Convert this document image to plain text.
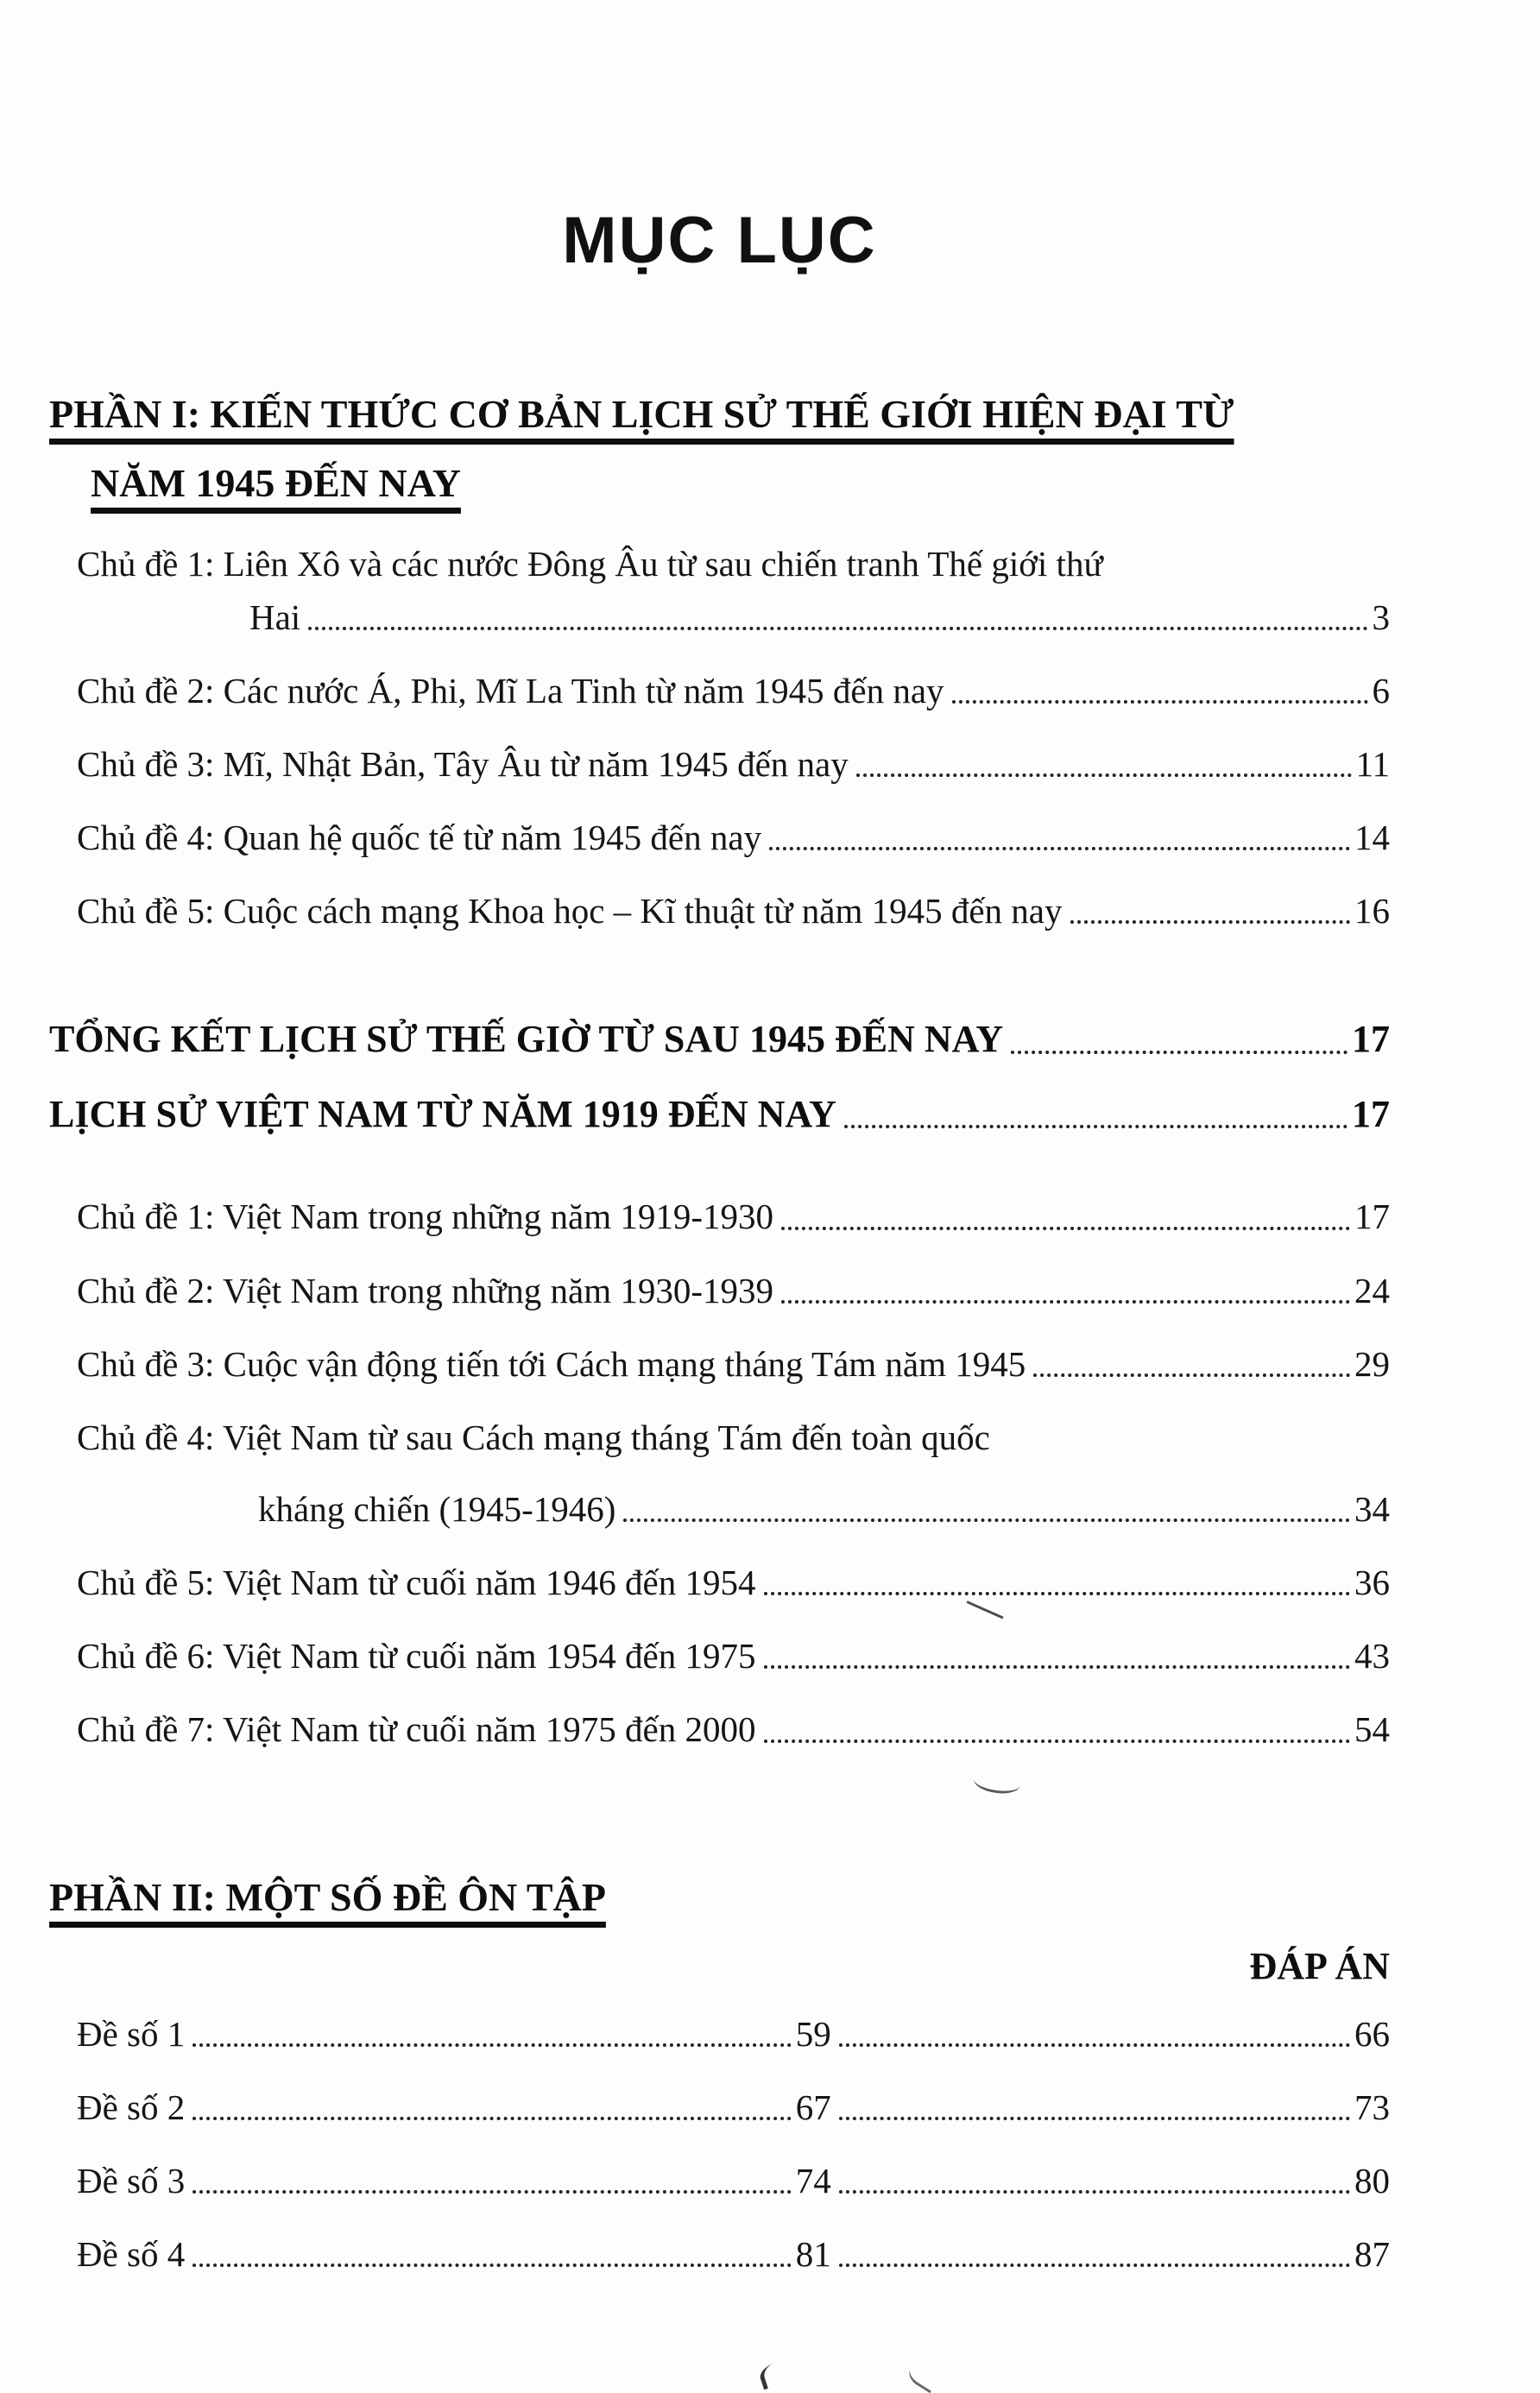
MỤC LỤC
PHẦN I: KIẾN THỨC CƠ BẢN LỊCH SỬ THẾ GIỚI HIỆN ĐẠI TỪ
NĂM 1945 ĐẾN NAY
Chủ đề 1: Liên Xô và các nước Đông Âu từ sau chiến tranh Thế giới thứ
Hai	3
Chủ đề 2: Các nước Á, Phi, Mĩ La Tinh từ năm 1945 đến nay	6
Chủ đề 3: Mĩ, Nhật Bản, Tây Âu từ năm 1945 đến nay	11
Chủ đề 4: Quan hệ quốc tế từ năm 1945 đến nay	14
Chủ đề 5: Cuộc cách mạng Khoa học – Kĩ thuật từ năm 1945 đến nay	16
TỔNG KẾT LỊCH SỬ THẾ GIỜ TỪ SAU 1945 ĐẾN NAY	17
LỊCH SỬ VIỆT NAM TỪ NĂM 1919 ĐẾN NAY	17
Chủ đề 1: Việt Nam trong những năm 1919-1930	17
Chủ đề 2: Việt Nam trong những năm 1930-1939	24
Chủ đề 3: Cuộc vận động tiến tới Cách mạng tháng Tám năm 1945	29
Chủ đề 4: Việt Nam từ sau Cách mạng tháng Tám đến toàn quốc
kháng chiến (1945-1946)	34
Chủ đề 5: Việt Nam từ cuối năm 1946 đến 1954	36
Chủ đề 6: Việt Nam từ cuối năm 1954 đến 1975	43
Chủ đề 7: Việt Nam từ cuối năm 1975 đến 2000	54
PHẦN II: MỘT SỐ ĐỀ ÔN TẬP
ĐÁP ÁN
Đề số 1	59	66
Đề số 2	67	73
Đề số 3	74	80
Đề số 4	81	87
